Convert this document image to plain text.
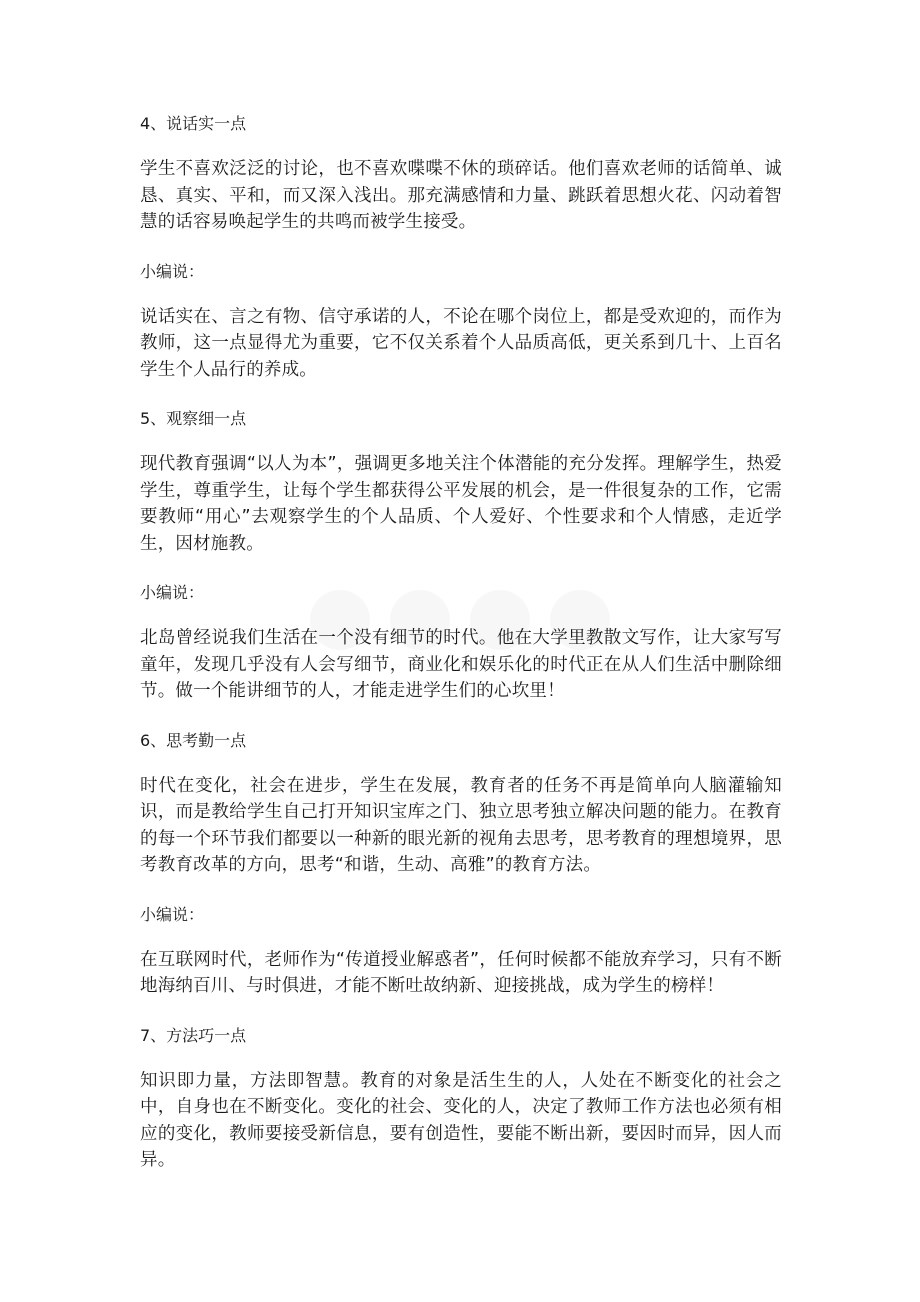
4、说话实一点

学生不喜欢泛泛的讨论，也不喜欢喋喋不休的琐碎话。他们喜欢老师的话简单、诚恳、真实、平和，而又深入浅出。那充满感情和力量、跳跃着思想火花、闪动着智慧的话容易唤起学生的共鸣而被学生接受。

小编说：

说话实在、言之有物、信守承诺的人，不论在哪个岗位上，都是受欢迎的，而作为教师，这一点显得尤为重要，它不仅关系着个人品质高低，更关系到几十、上百名学生个人品行的养成。

5、观察细一点

现代教育强调“以人为本”，强调更多地关注个体潜能的充分发挥。理解学生，热爱学生，尊重学生，让每个学生都获得公平发展的机会，是一件很复杂的工作，它需要教师“用心”去观察学生的个人品质、个人爱好、个性要求和个人情感，走近学生，因材施教。

小编说：

北岛曾经说我们生活在一个没有细节的时代。他在大学里教散文写作，让大家写写童年，发现几乎没有人会写细节，商业化和娱乐化的时代正在从人们生活中删除细节。做一个能讲细节的人，才能走进学生们的心坎里！

6、思考勤一点

时代在变化，社会在进步，学生在发展，教育者的任务不再是简单向人脑灌输知识，而是教给学生自己打开知识宝库之门、独立思考独立解决问题的能力。在教育的每一个环节我们都要以一种新的眼光新的视角去思考，思考教育的理想境界，思考教育改革的方向，思考“和谐，生动、高雅”的教育方法。

小编说：

在互联网时代，老师作为“传道授业解惑者”，任何时候都不能放弃学习，只有不断地海纳百川、与时俱进，才能不断吐故纳新、迎接挑战，成为学生的榜样！

7、方法巧一点

知识即力量，方法即智慧。教育的对象是活生生的人，人处在不断变化的社会之中，自身也在不断变化。变化的社会、变化的人，决定了教师工作方法也必须有相应的变化，教师要接受新信息，要有创造性，要能不断出新，要因时而异，因人而异。
